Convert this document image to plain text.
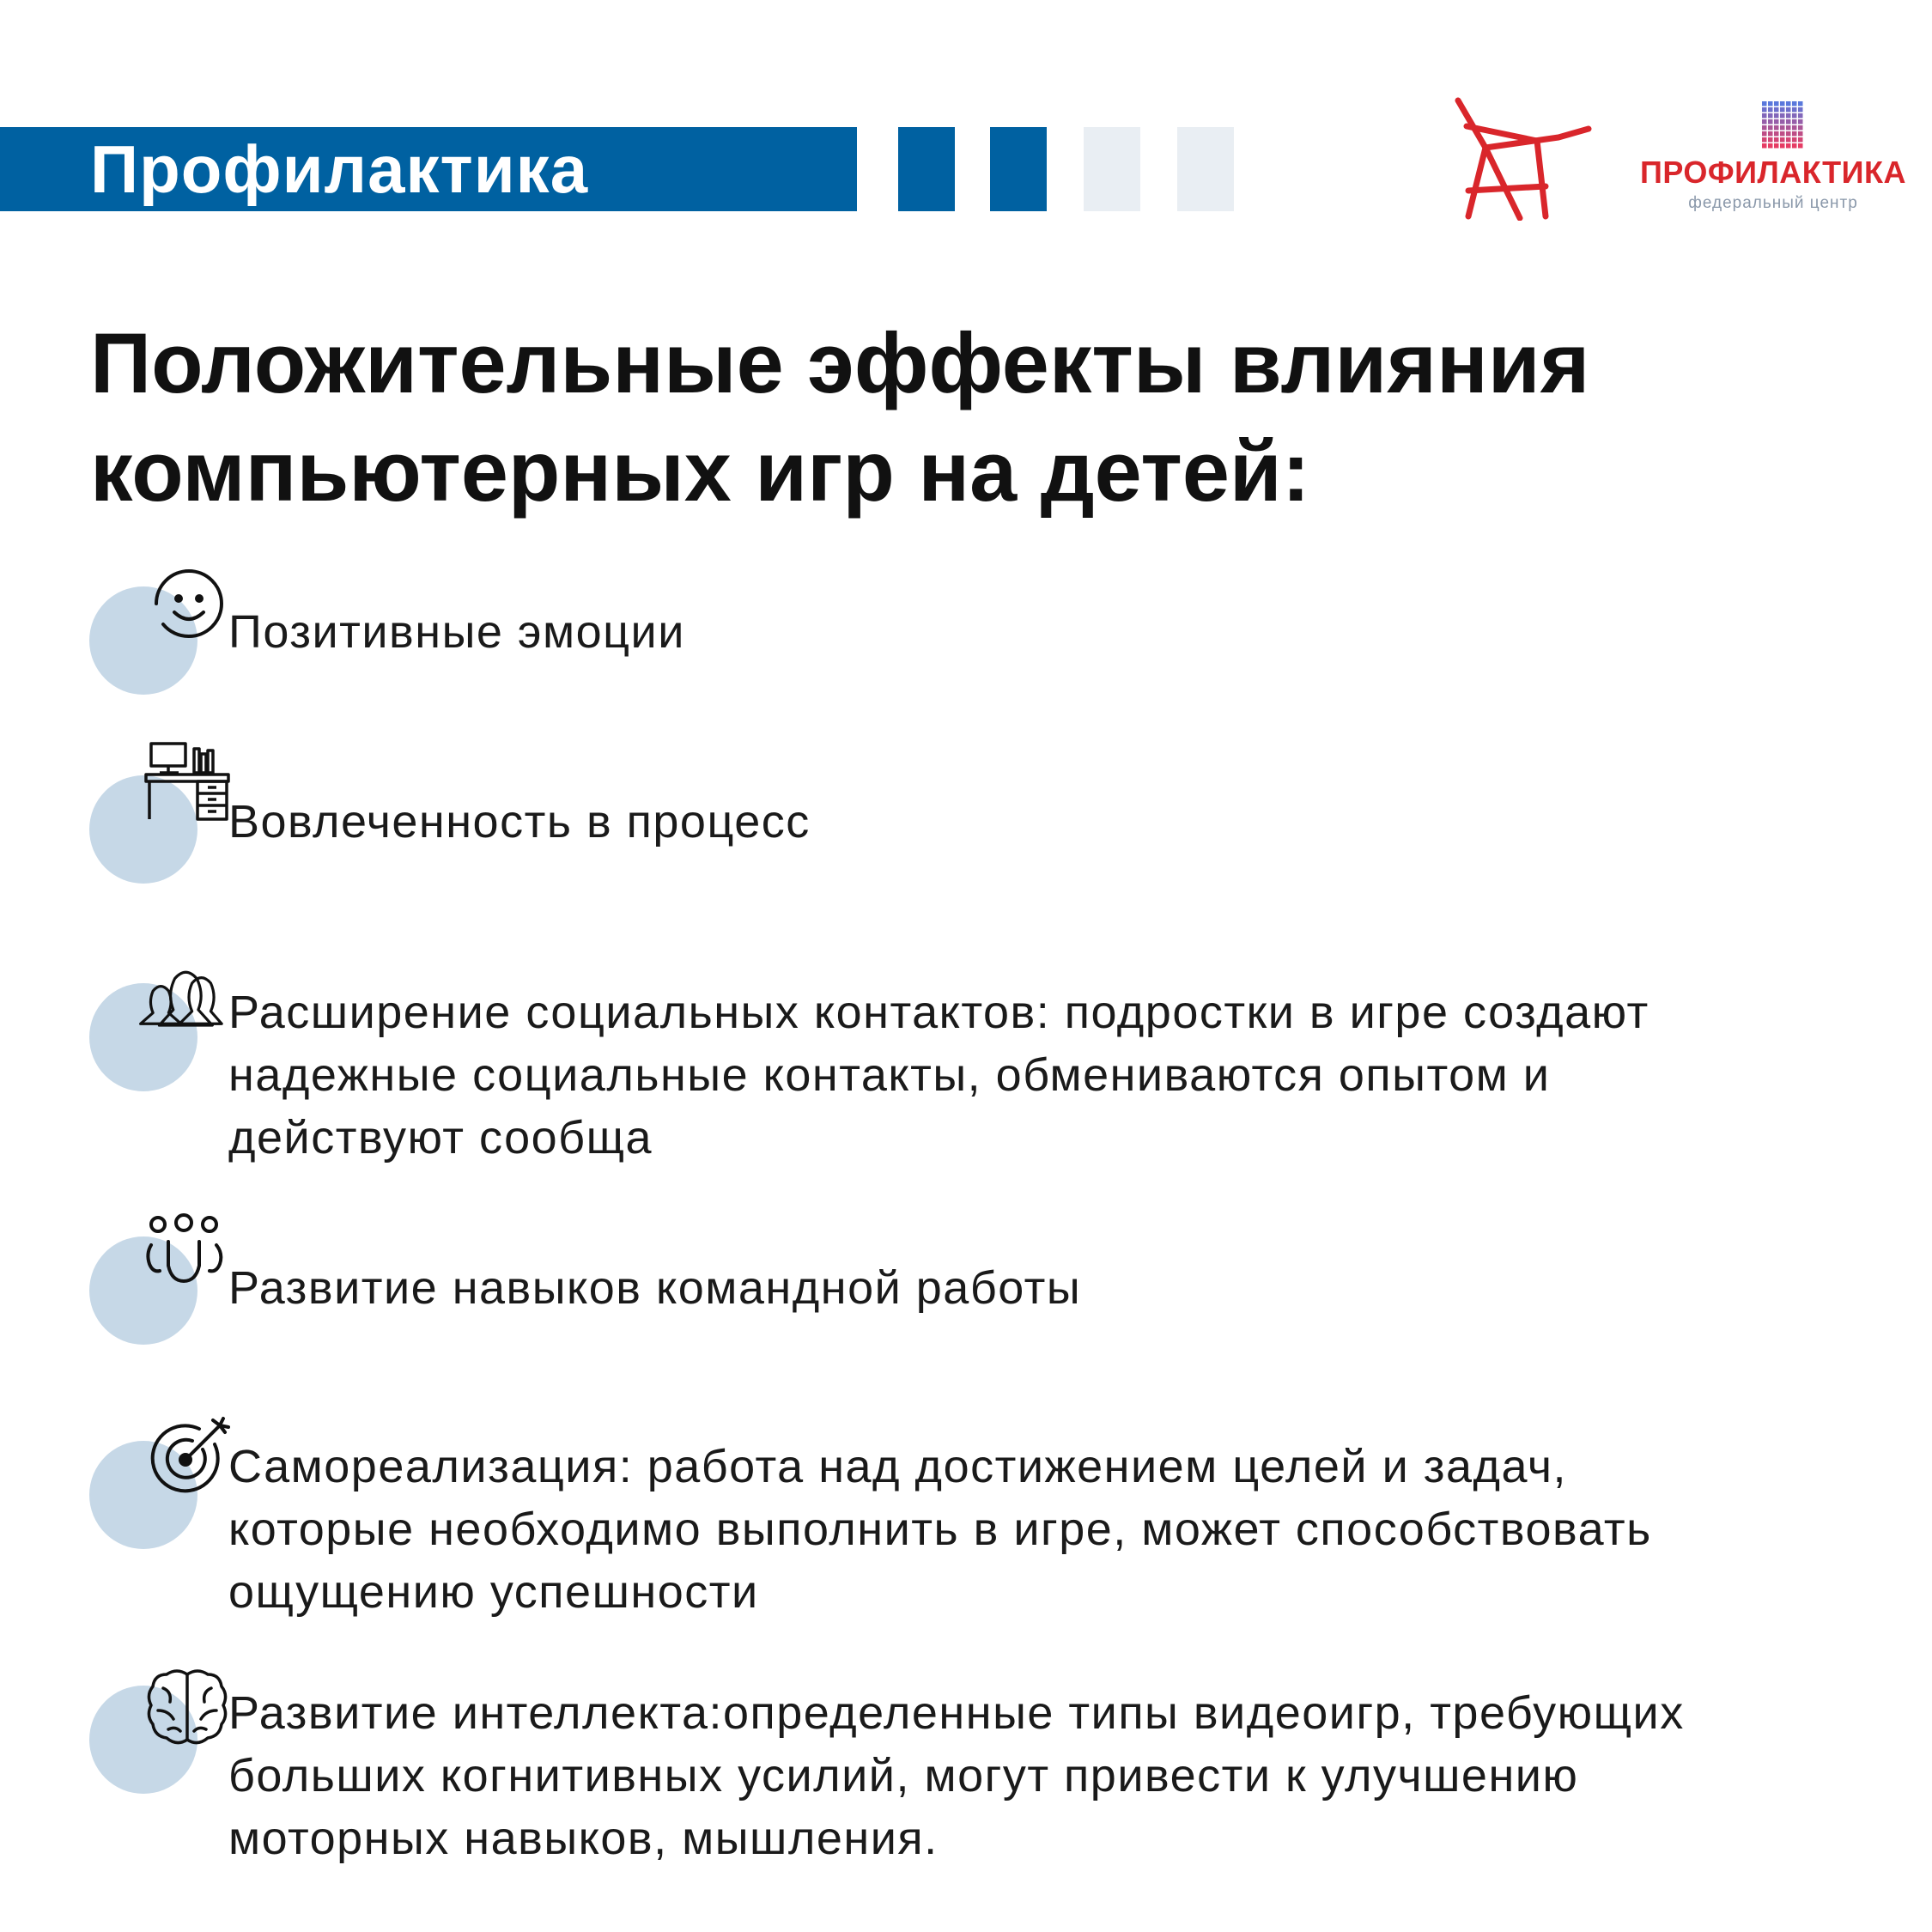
Профилактика	ПРОФИЛАКТИКА
федеральный центр
Положительные эффекты влияния
компьютерных игр на детей:
Позитивные эмоции
Вовлеченность в процесс
Расширение социальных контактов: подростки в игре создают
надежные социальные контакты, обмениваются опытом и
действуют сообща
Развитие навыков командной работы
Самореализация: работа над достижением целей и задач,
которые необходимо выполнить в игре, может способствовать
ощущению успешности
Развитие интеллекта:определенные типы видеоигр, требующих
больших когнитивных усилий, могут привести к улучшению
моторных навыков, мышления.
